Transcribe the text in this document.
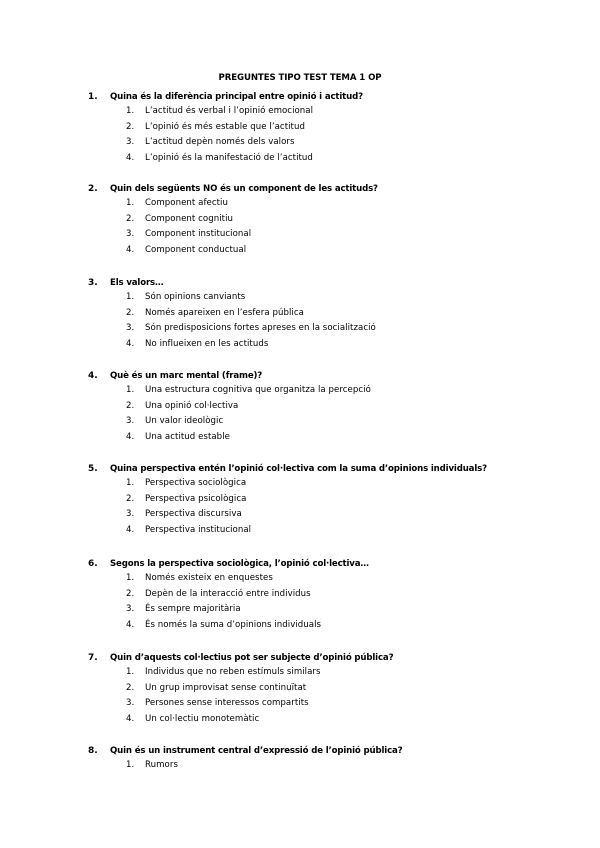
PREGUNTES TIPO TEST TEMA 1 OP
1. Quina és la diferència principal entre opinió i actitud?
1. L’actitud és verbal i l’opinió emocional
2. L’opinió és més estable que l’actitud
3. L’actitud depèn només dels valors
4. L’opinió és la manifestació de l’actitud
2. Quin dels següents NO és un component de les actituds?
1. Component afectiu
2. Component cognitiu
3. Component institucional
4. Component conductual
3. Els valors…
1. Són opinions canviants
2. Només apareixen en l’esfera pública
3. Són predisposicions fortes apreses en la socialització
4. No influeixen en les actituds
4. Què és un marc mental (frame)?
1. Una estructura cognitiva que organitza la percepció
2. Una opinió col·lectiva
3. Un valor ideològic
4. Una actitud estable
5. Quina perspectiva entén l’opinió col·lectiva com la suma d’opinions individuals?
1. Perspectiva sociològica
2. Perspectiva psicològica
3. Perspectiva discursiva
4. Perspectiva institucional
6. Segons la perspectiva sociològica, l’opinió col·lectiva…
1. Només existeix en enquestes
2. Depèn de la interacció entre individus
3. És sempre majoritària
4. És només la suma d’opinions individuals
7. Quin d’aquests col·lectius pot ser subjecte d’opinió pública?
1. Individus que no reben estímuls similars
2. Un grup improvisat sense continuïtat
3. Persones sense interessos compartits
4. Un col·lectiu monotemàtic
8. Quin és un instrument central d’expressió de l’opinió pública?
1. Rumors
